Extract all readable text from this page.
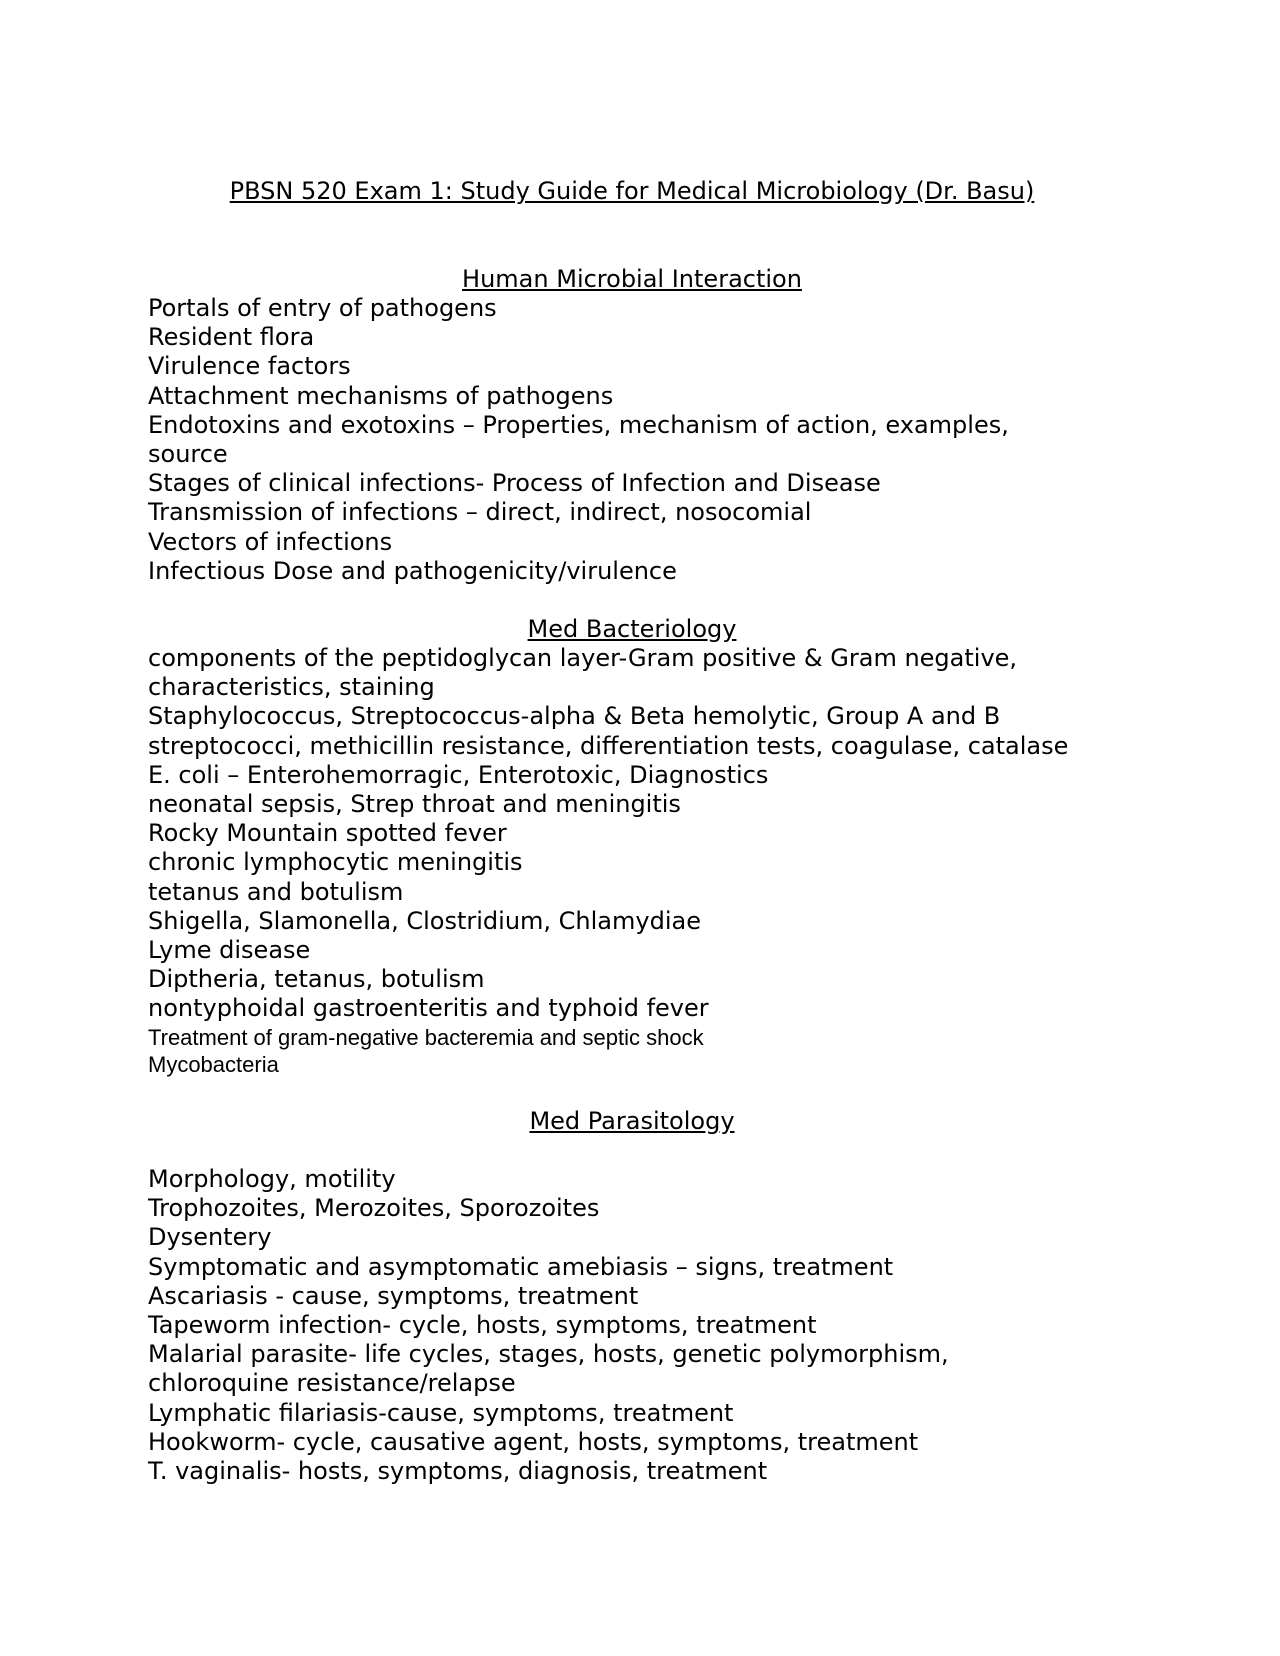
PBSN 520 Exam 1: Study Guide for Medical Microbiology (Dr. Basu)
Human Microbial Interaction
Portals of entry of pathogens
Resident flora
Virulence factors
Attachment mechanisms of pathogens
Endotoxins and exotoxins – Properties, mechanism of action, examples,
source
Stages of clinical infections- Process of Infection and Disease
Transmission of infections – direct, indirect, nosocomial
Vectors of infections
Infectious Dose and pathogenicity/virulence
Med Bacteriology
components of the peptidoglycan layer-Gram positive & Gram negative,
characteristics, staining
Staphylococcus, Streptococcus-alpha & Beta hemolytic, Group A and B
streptococci, methicillin resistance, differentiation tests, coagulase, catalase
E. coli – Enterohemorragic, Enterotoxic, Diagnostics
neonatal sepsis, Strep throat and meningitis
Rocky Mountain spotted fever
chronic lymphocytic meningitis
tetanus and botulism
Shigella, Slamonella, Clostridium, Chlamydiae
Lyme disease
Diptheria, tetanus, botulism
nontyphoidal gastroenteritis and typhoid fever
Treatment of gram-negative bacteremia and septic shock
Mycobacteria
Med Parasitology
Morphology, motility
Trophozoites, Merozoites, Sporozoites
Dysentery
Symptomatic and asymptomatic amebiasis – signs, treatment
Ascariasis - cause, symptoms, treatment
Tapeworm infection- cycle, hosts, symptoms, treatment
Malarial parasite- life cycles, stages, hosts, genetic polymorphism,
chloroquine resistance/relapse
Lymphatic filariasis-cause, symptoms, treatment
Hookworm- cycle, causative agent, hosts, symptoms, treatment
T. vaginalis- hosts, symptoms, diagnosis, treatment
